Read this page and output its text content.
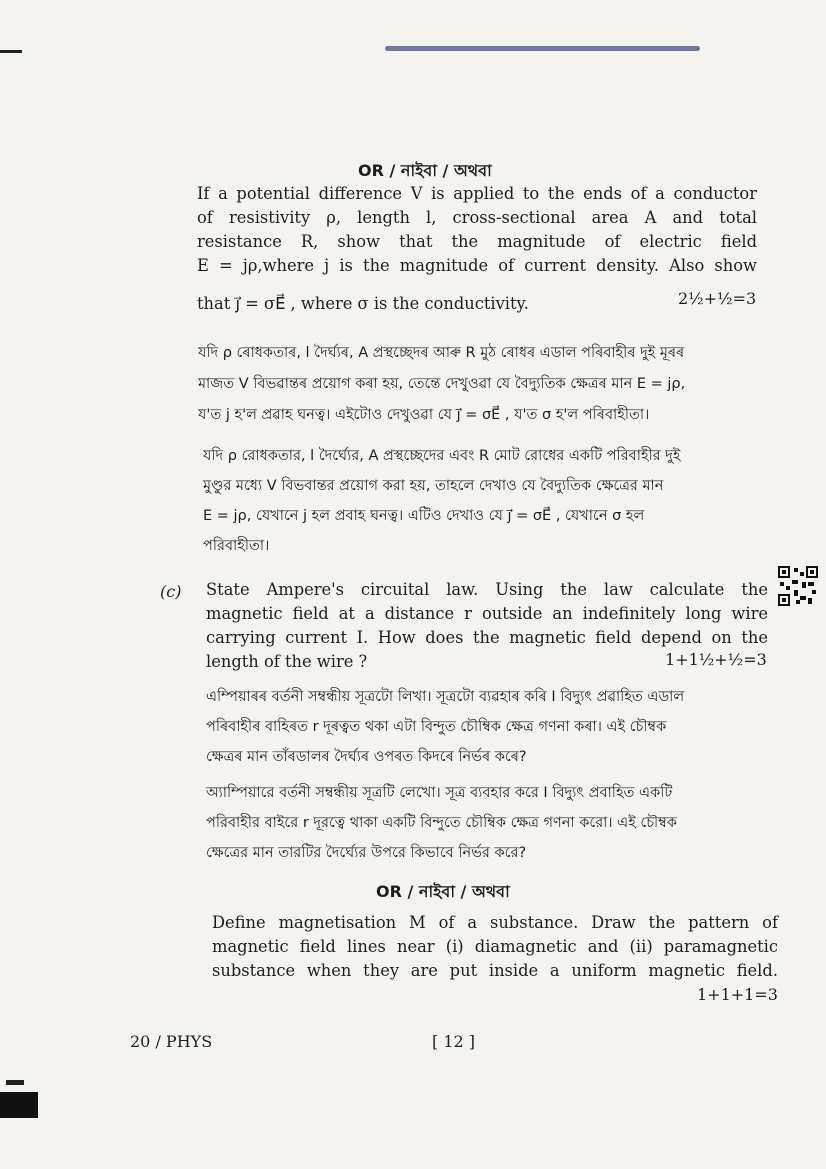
OR / নাইবা / অথবা

If a potential difference V is applied to the ends of a conductor

of resistivity ρ, length l, cross-sectional area A and total

resistance R, show that the magnitude of electric field

E = jρ,where j is the magnitude of current density. Also show

that j⃗ = σE⃗ , where σ is the conductivity.	2½+½=3

যদি ρ ৰোধকতাৰ, l দৈৰ্ঘ্যৰ, A প্ৰস্থচ্ছেদৰ আৰু R মুঠ ৰোধৰ এডাল পৰিবাহীৰ দুই মূৰৰ

মাজত V বিভৱান্তৰ প্ৰয়োগ কৰা হয়, তেন্তে দেখুওৱা যে বৈদ্যুতিক ক্ষেত্ৰৰ মান E = jρ,

য'ত j হ'ল প্ৰৱাহ ঘনত্ব। এইটোও দেখুওৱা যে j⃗ = σE⃗ , য'ত σ হ'ল পৰিবাহীতা।

যদি ρ রোধকতার, l দৈর্ঘ্যের, A প্রস্থচ্ছেদের এবং R মোট রোধের একটি পরিবাহীর দুই

মুণ্ডুর মধ্যে V বিভবান্তর প্রয়োগ করা হয়, তাহলে দেখাও যে বৈদ্যুতিক ক্ষেত্রের মান

E = jρ, যেখানে j হল প্রবাহ ঘনত্ব। এটিও দেখাও যে j⃗ = σE⃗ , যেখানে σ হল

পরিবাহীতা।

(c) State Ampere's circuital law. Using the law calculate the

magnetic field at a distance r outside an indefinitely long wire

carrying current I. How does the magnetic field depend on the

length of the wire ?	1+1½+½=3

এম্পিয়াৰৰ বৰ্তনী সম্বন্ধীয় সূত্ৰটো লিখা। সূত্ৰটো ব্যৱহাৰ কৰি I বিদ্যুৎ প্ৰৱাহিত এডাল

পৰিবাহীৰ বাহিৰত r দূৰত্বত থকা এটা বিন্দুত চৌম্বিক ক্ষেত্ৰ গণনা কৰা। এই চৌম্বক

ক্ষেত্ৰৰ মান তাঁৰডালৰ দৈৰ্ঘ্যৰ ওপৰত কিদৰে নিৰ্ভৰ কৰে?

অ্যাম্পিয়ারে বর্তনী সম্বন্ধীয় সূত্রটি লেখো। সূত্র ব্যবহার করে I বিদ্যুৎ প্রবাহিত একটি

পরিবাহীর বাইরে r দূরত্বে থাকা একটি বিন্দুতে চৌম্বিক ক্ষেত্র গণনা করো। এই চৌম্বক

ক্ষেত্রের মান তারটির দৈর্ঘ্যের উপরে কিভাবে নির্ভর করে?

OR / নাইবা / অথবা

Define magnetisation M of a substance. Draw the pattern of

magnetic field lines near (i) diamagnetic and (ii) paramagnetic

substance when they are put inside a uniform magnetic field.

1+1+1=3
20 / PHYS	[ 12 ]
